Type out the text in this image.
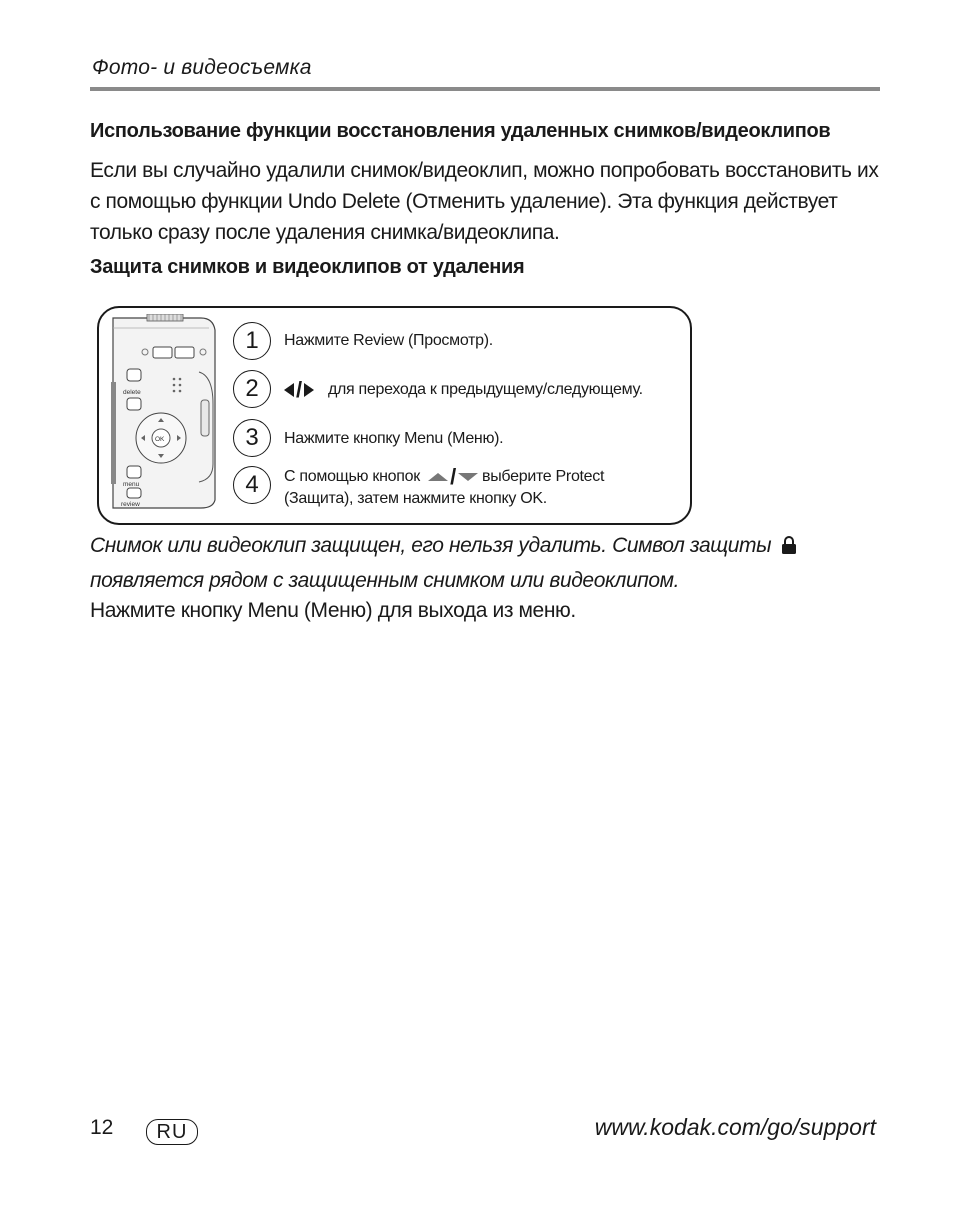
Фото- и видеосъемка
Использование функции восстановления удаленных снимков/видеоклипов
Если вы случайно удалили снимок/видеоклип, можно попробовать восстановить их
с помощью функции Undo Delete (Отменить удаление). Эта функция действует
только сразу после удаления снимка/видеоклипа.
Защита снимков и видеоклипов от удаления
delete
OK
menu
review
1	Нажмите Review (Просмотр).
2	/ для перехода к предыдущему/следующему.
3	Нажмите кнопку Menu (Меню).
4	С помощью кнопок / выберите Protect
(Защита), затем нажмите кнопку OK.
Снимок или видеоклип защищен, его нельзя удалить. Символ защиты
появляется рядом с защищенным снимком или видеоклипом.
Нажмите кнопку Menu (Меню) для выхода из меню.
12	RU	www.kodak.com/go/support
